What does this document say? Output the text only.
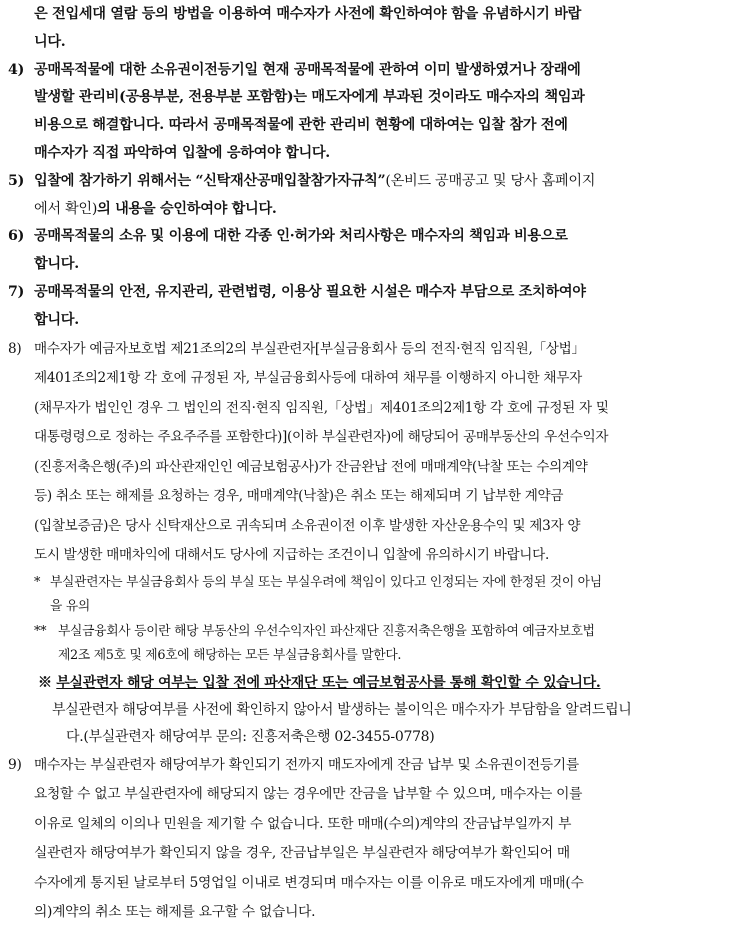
은 전입세대 열람 등의 방법을 이용하여 매수자가 사전에 확인하여야 함을 유념하시기 바랍
니다.
4) 공매목적물에 대한 소유권이전등기일 현재 공매목적물에 관하여 이미 발생하였거나 장래에
발생할 관리비(공용부분, 전용부분 포함함)는 매도자에게 부과된 것이라도 매수자의 책임과
비용으로 해결합니다. 따라서 공매목적물에 관한 관리비 현황에 대하여는 입찰 참가 전에
매수자가 직접 파악하여 입찰에 응하여야 합니다.
5) 입찰에 참가하기 위해서는 “신탁재산공매입찰참가자규칙”(온비드 공매공고 및 당사 홈페이지
에서 확인)의 내용을 승인하여야 합니다.
6) 공매목적물의 소유 및 이용에 대한 각종 인·허가와 처리사항은 매수자의 책임과 비용으로
합니다.
7) 공매목적물의 안전, 유지관리, 관련법령, 이용상 필요한 시설은 매수자 부담으로 조치하여야
합니다.
8) 매수자가 예금자보호법 제21조의2의 부실관련자[부실금융회사 등의 전직·현직 임직원,「상법」
제401조의2제1항 각 호에 규정된 자, 부실금융회사등에 대하여 채무를 이행하지 아니한 채무자
(채무자가 법인인 경우 그 법인의 전직·현직 임직원,「상법」제401조의2제1항 각 호에 규정된 자 및
대통령령으로 정하는 주요주주를 포함한다)](이하 부실관련자)에 해당되어 공매부동산의 우선수익자
(진흥저축은행(주)의 파산관재인인 예금보험공사)가 잔금완납 전에 매매계약(낙찰 또는 수의계약
등) 취소 또는 해제를 요청하는 경우, 매매계약(낙찰)은 취소 또는 해제되며 기 납부한 계약금
(입찰보증금)은 당사 신탁재산으로 귀속되며 소유권이전 이후 발생한 자산운용수익 및 제3자 양
도시 발생한 매매차익에 대해서도 당사에 지급하는 조건이니 입찰에 유의하시기 바랍니다.
* 부실관련자는 부실금융회사 등의 부실 또는 부실우려에 책임이 있다고 인정되는 자에 한정된 것이 아님
을 유의
** 부실금융회사 등이란 해당 부동산의 우선수익자인 파산재단 진흥저축은행을 포함하여 예금자보호법
제2조 제5호 및 제6호에 해당하는 모든 부실금융회사를 말한다.
※ 부실관련자 해당 여부는 입찰 전에 파산재단 또는 예금보험공사를 통해 확인할 수 있습니다.
부실관련자 해당여부를 사전에 확인하지 않아서 발생하는 불이익은 매수자가 부담함을 알려드립니
다.(부실관련자 해당여부 문의: 진흥저축은행 02-3455-0778)
9) 매수자는 부실관련자 해당여부가 확인되기 전까지 매도자에게 잔금 납부 및 소유권이전등기를
요청할 수 없고 부실관련자에 해당되지 않는 경우에만 잔금을 납부할 수 있으며, 매수자는 이를
이유로 일체의 이의나 민원을 제기할 수 없습니다. 또한 매매(수의)계약의 잔금납부일까지 부
실관련자 해당여부가 확인되지 않을 경우, 잔금납부일은 부실관련자 해당여부가 확인되어 매
수자에게 통지된 날로부터 5영업일 이내로 변경되며 매수자는 이를 이유로 매도자에게 매매(수
의)계약의 취소 또는 해제를 요구할 수 없습니다.
